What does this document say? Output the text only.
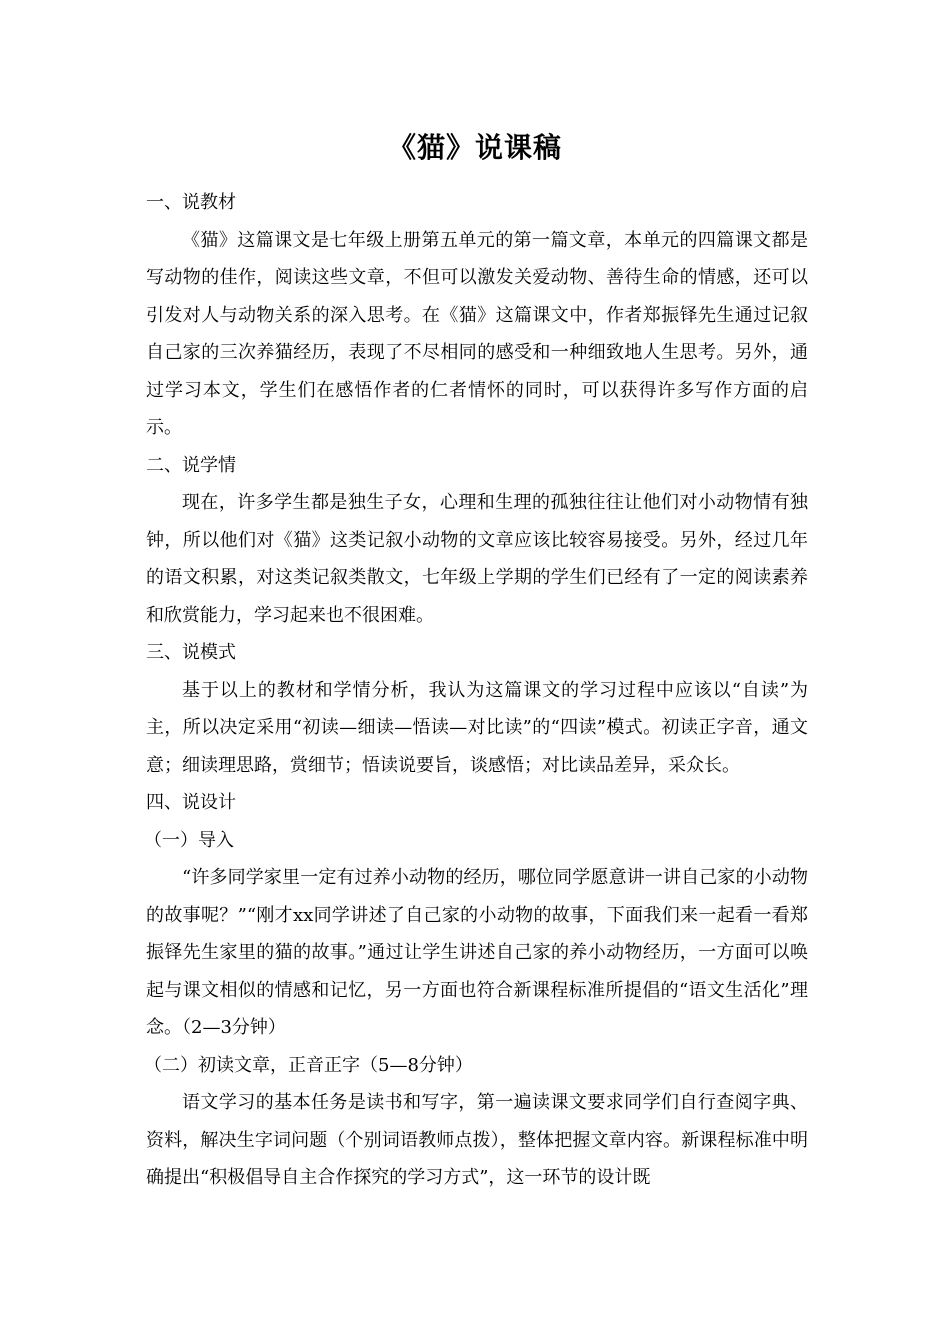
《猫》说课稿

一、说教材

《猫》这篇课文是七年级上册第五单元的第一篇文章，本单元的四篇课文都是写动物的佳作，阅读这些文章，不但可以激发关爱动物、善待生命的情感，还可以引发对人与动物关系的深入思考。在《猫》这篇课文中，作者郑振铎先生通过记叙自己家的三次养猫经历，表现了不尽相同的感受和一种细致地人生思考。另外，通过学习本文，学生们在感悟作者的仁者情怀的同时，可以获得许多写作方面的启示。

二、说学情

现在，许多学生都是独生子女，心理和生理的孤独往往让他们对小动物情有独钟，所以他们对《猫》这类记叙小动物的文章应该比较容易接受。另外，经过几年的语文积累，对这类记叙类散文，七年级上学期的学生们已经有了一定的阅读素养和欣赏能力，学习起来也不很困难。

三、说模式

基于以上的教材和学情分析，我认为这篇课文的学习过程中应该以“自读”为主，所以决定采用“初读—细读—悟读—对比读”的“四读”模式。初读正字音，通文意；细读理思路，赏细节；悟读说要旨，谈感悟；对比读品差异，采众长。

四、说设计

（一）导入

“许多同学家里一定有过养小动物的经历，哪位同学愿意讲一讲自己家的小动物的故事呢？”“刚才xx同学讲述了自己家的小动物的故事，下面我们来一起看一看郑振铎先生家里的猫的故事。”通过让学生讲述自己家的养小动物经历，一方面可以唤起与课文相似的情感和记忆，另一方面也符合新课程标准所提倡的“语文生活化”理念。（2—3分钟）

（二）初读文章，正音正字（5—8分钟）

语文学习的基本任务是读书和写字，第一遍读课文要求同学们自行查阅字典、资料，解决生字词问题（个别词语教师点拨），整体把握文章内容。新课程标准中明确提出“积极倡导自主合作探究的学习方式”，这一环节的设计既
